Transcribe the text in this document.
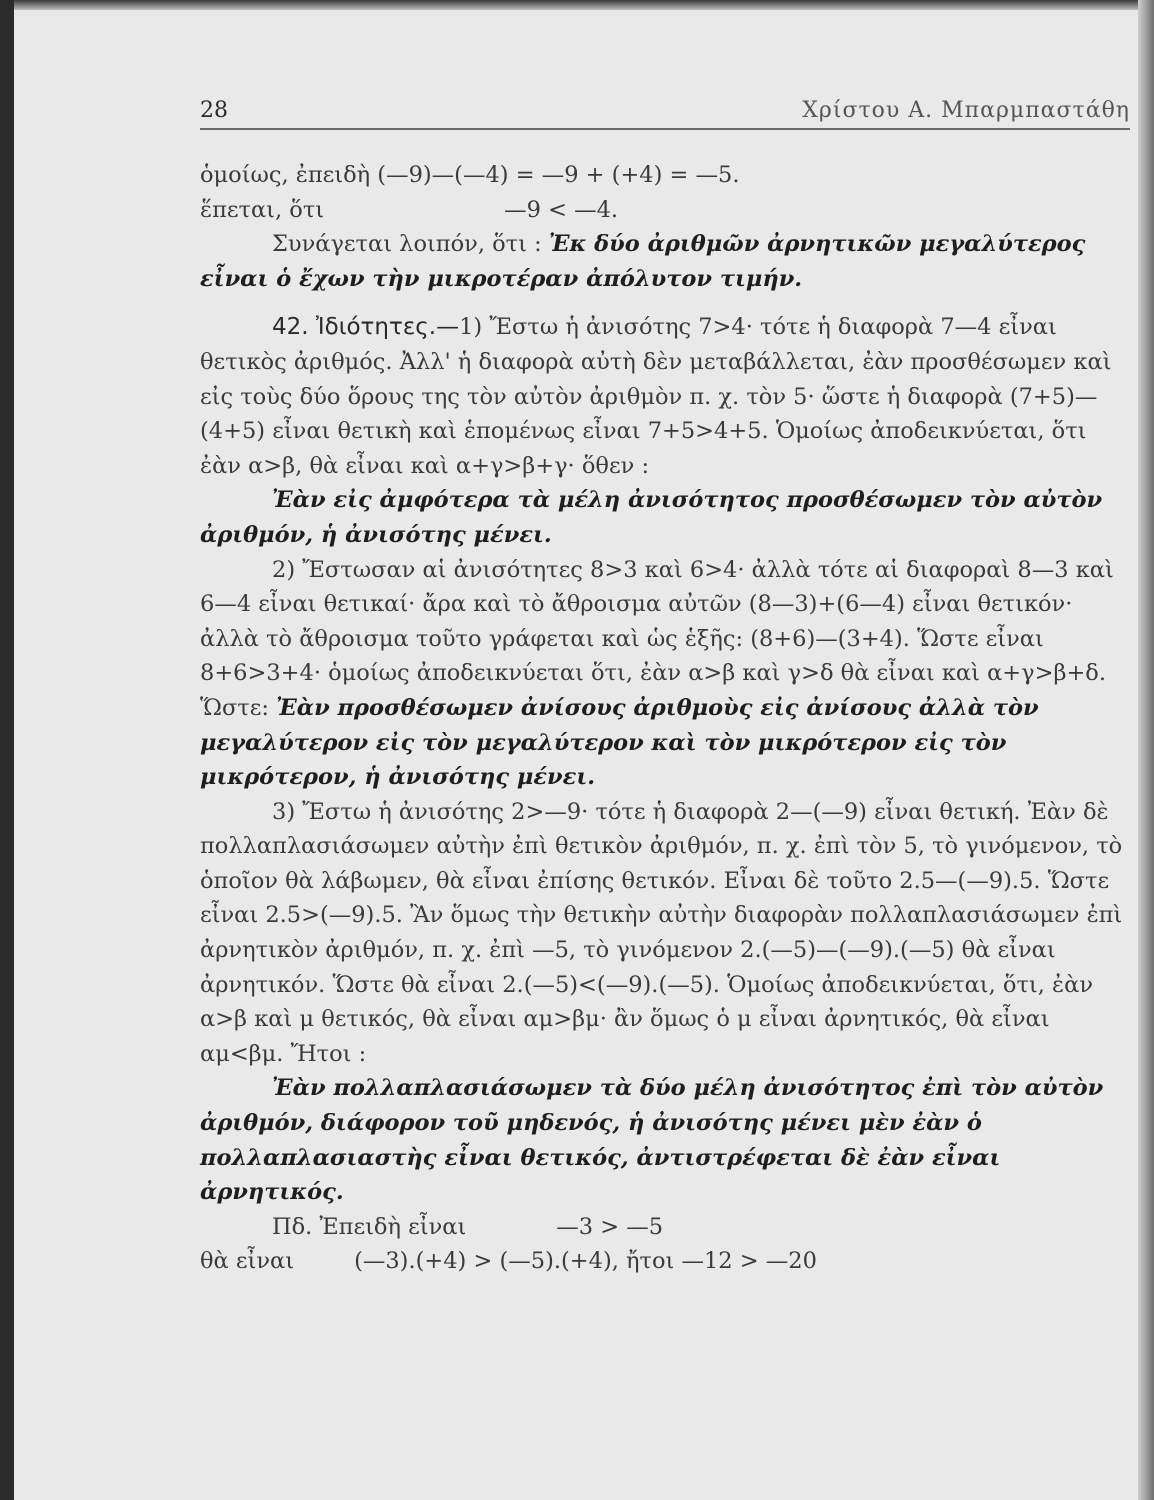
28	Χρίστου Α. Μπαρμπαστάθη

ὁμοίως, ἐπειδὴ (—9)—(—4) = —9 + (+4) = —5.

ἕπεται, ὅτι	—9 < —4.

Συνάγεται λοιπόν, ὅτι : Ἐκ δύο ἀριθμῶν ἀρνητικῶν μεγαλύτερος εἶναι ὁ ἔχων τὴν μικροτέραν ἀπόλυτον τιμήν.

42. Ἰδιότητες.—1) Ἔστω ἡ ἀνισότης 7>4· τότε ἡ διαφορὰ 7—4 εἶναι θετικὸς ἀριθμός. Ἀλλ' ἡ διαφορὰ αὐτὴ δὲν μεταβάλλεται, ἐὰν προσθέσωμεν καὶ εἰς τοὺς δύο ὅρους της τὸν αὐτὸν ἀριθμὸν π. χ. τὸν 5· ὥστε ἡ διαφορὰ (7+5)—(4+5) εἶναι θετικὴ καὶ ἑπομένως εἶναι 7+5>4+5. Ὁμοίως ἀποδεικνύεται, ὅτι ἐὰν α>β, θὰ εἶναι καὶ α+γ>β+γ· ὅθεν :

Ἐὰν εἰς ἀμφότερα τὰ μέλη ἀνισότητος προσθέσωμεν τὸν αὐτὸν ἀριθμόν, ἡ ἀνισότης μένει.

2) Ἔστωσαν αἱ ἀνισότητες 8>3 καὶ 6>4· ἀλλὰ τότε αἱ διαφοραὶ 8—3 καὶ 6—4 εἶναι θετικαί· ἄρα καὶ τὸ ἄθροισμα αὐτῶν (8—3)+(6—4) εἶναι θετικόν· ἀλλὰ τὸ ἄθροισμα τοῦτο γράφεται καὶ ὡς ἑξῆς: (8+6)—(3+4). Ὥστε εἶναι 8+6>3+4· ὁμοίως ἀποδεικνύεται ὅτι, ἐὰν α>β καὶ γ>δ θὰ εἶναι καὶ α+γ>β+δ. Ὥστε: Ἐὰν προσθέσωμεν ἀνίσους ἀριθμοὺς εἰς ἀνίσους ἀλλὰ τὸν μεγαλύτερον εἰς τὸν μεγαλύτερον καὶ τὸν μικρότερον εἰς τὸν μικρότερον, ἡ ἀνισότης μένει.

3) Ἔστω ἡ ἀνισότης 2>—9· τότε ἡ διαφορὰ 2—(—9) εἶναι θετική. Ἐὰν δὲ πολλαπλασιάσωμεν αὐτὴν ἐπὶ θετικὸν ἀριθμόν, π. χ. ἐπὶ τὸν 5, τὸ γινόμενον, τὸ ὁποῖον θὰ λάβωμεν, θὰ εἶναι ἐπίσης θετικόν. Εἶναι δὲ τοῦτο 2.5—(—9).5. Ὥστε εἶναι 2.5>(—9).5. Ἂν ὅμως τὴν θετικὴν αὐτὴν διαφορὰν πολλαπλασιάσωμεν ἐπὶ ἀρνητικὸν ἀριθμόν, π. χ. ἐπὶ —5, τὸ γινόμενον 2.(—5)—(—9).(—5) θὰ εἶναι ἀρνητικόν. Ὥστε θὰ εἶναι 2.(—5)<(—9).(—5). Ὁμοίως ἀποδεικνύεται, ὅτι, ἐὰν α>β καὶ μ θετικός, θὰ εἶναι αμ>βμ· ἂν ὅμως ὁ μ εἶναι ἀρνητικός, θὰ εἶναι αμ<βμ. Ἤτοι :

Ἐὰν πολλαπλασιάσωμεν τὰ δύο μέλη ἀνισότητος ἐπὶ τὸν αὐτὸν ἀριθμόν, διάφορον τοῦ μηδενός, ἡ ἀνισότης μένει μὲν ἐὰν ὁ πολλαπλασιαστὴς εἶναι θετικός, ἀντιστρέφεται δὲ ἐὰν εἶναι ἀρνητικός.

Πδ. Ἐπειδὴ εἶναι	—3 > —5

θὰ εἶναι	(—3).(+4) > (—5).(+4), ἤτοι —12 > —20
